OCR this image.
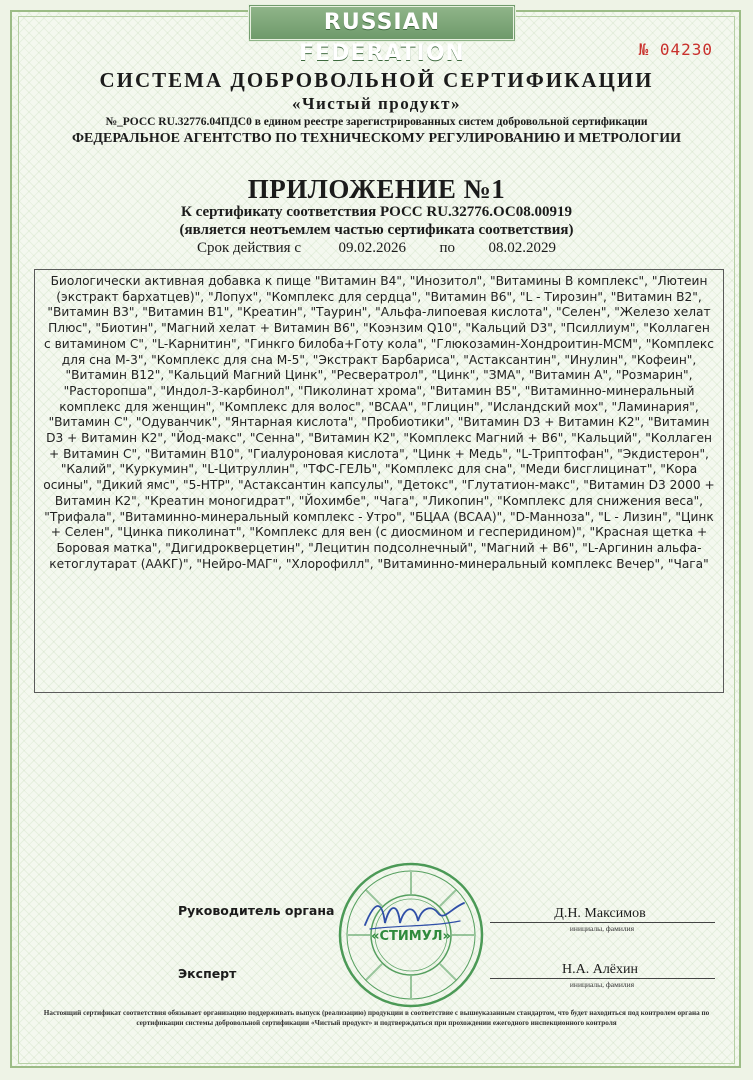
RUSSIAN FEDERATION	№ 04230
СИСТЕМА ДОБРОВОЛЬНОЙ СЕРТИФИКАЦИИ
«Чистый продукт»
№_РОСС RU.32776.04ПДС0 в едином реестре зарегистрированных систем добровольной сертификации
ФЕДЕРАЛЬНОЕ АГЕНТСТВО ПО ТЕХНИЧЕСКОМУ РЕГУЛИРОВАНИЮ И МЕТРОЛОГИИ
ПРИЛОЖЕНИЕ №1
К сертификату соответствия РОСС RU.32776.ОС08.00919
(является неотъемлем частью сертификата соответствия)
Срок действия с	09.02.2026 по 08.02.2029
Биологически активная добавка к пище "Витамин В4", "Инозитол", "Витамины В комплекс", "Лютеин (экстракт бархатцев)", "Лопух", "Комплекс для сердца", "Витамин В6", "L - Тирозин", "Витамин В2", "Витамин В3", "Витамин В1", "Креатин", "Таурин", "Альфа-липоевая кислота", "Селен", "Железо хелат Плюс", "Биотин", "Магний хелат + Витамин В6", "Коэнзим Q10", "Кальций D3", "Псиллиум", "Коллаген с витамином С", "L-Карнитин", "Гинкго билоба+Готу кола", "Глюкозамин-Хондроитин-МСМ", "Комплекс для сна М-3", "Комплекс для сна М-5", "Экстракт Барбариса", "Астаксантин", "Инулин", "Кофеин", "Витамин В12", "Кальций Магний Цинк", "Ресвератрол", "Цинк", "ЗМА", "Витамин А", "Розмарин", "Расторопша", "Индол-3-карбинол", "Пиколинат хрома", "Витамин В5", "Витаминно-минеральный комплекс для женщин", "Комплекс для волос", "BCAA", "Глицин", "Исландский мох", "Ламинария", "Витамин С", "Одуванчик", "Янтарная кислота", "Пробиотики", "Витамин D3 + Витамин К2", "Витамин D3 + Витамин К2", "Йод-макс", "Сенна", "Витамин К2", "Комплекс Магний + В6", "Кальций", "Коллаген + Витамин С", "Витамин В10", "Гиалуроновая кислота", "Цинк + Медь", "L-Триптофан", "Экдистерон", "Калий", "Куркумин", "L-Цитруллин", "ТФС-ГЕЛЬ", "Комплекс для сна", "Меди бисглицинат", "Кора осины", "Дикий ямс", "5-НТР", "Астаксантин капсулы", "Детокс", "Глутатион-макс", "Витамин D3 2000 + Витамин К2", "Креатин моногидрат", "Йохимбе", "Чага", "Ликопин", "Комплекс для снижения веса", "Трифала", "Витаминно-минеральный комплекс - Утро", "БЦАА (BCAA)", "D-Манноза", "L - Лизин", "Цинк + Селен", "Цинка пиколинат", "Комплекс для вен (с диосмином и гесперидином)", "Красная щетка + Боровая матка", "Дигидрокверцетин", "Лецитин подсолнечный", "Магний + В6", "L-Аргинин альфа-кетоглутарат (ААКГ)", "Нейро-МАГ", "Хлорофилл", "Витаминно-минеральный комплекс Вечер", "Чага"
Руководитель органа	Д.Н. Максимов
инициалы, фамилия
Эксперт	Н.А. Алёхин
инициалы, фамилия
«СТИМУЛ»
Настоящий сертификат соответствия обязывает организацию поддерживать выпуск (реализацию) продукции в соответствие с вышеуказанным стандартом, что будет находиться под контролем органа по сертификации системы добровольной сертификации «Чистый продукт» и подтверждаться при прохождении ежегодного инспекционного контроля
